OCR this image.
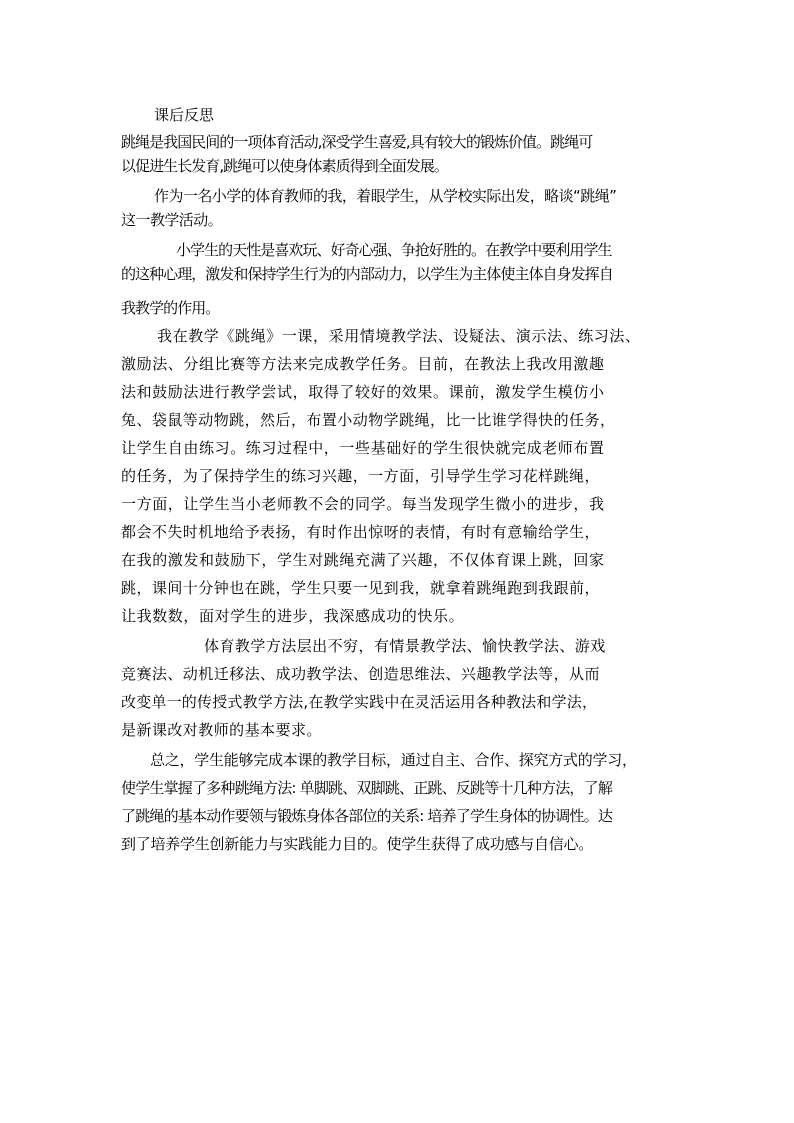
课后反思
跳绳是我国民间的一项体育活动,深受学生喜爱,具有较大的锻炼价值。跳绳可
以促进生长发育,跳绳可以使身体素质得到全面发展。
作为一名小学的体育教师的我，着眼学生，从学校实际出发，略谈“跳绳”
这一教学活动。
小学生的天性是喜欢玩、好奇心强、争抢好胜的。在教学中要利用学生
的这种心理，激发和保持学生行为的内部动力，以学生为主体使主体自身发挥自
我教学的作用。
我在教学《跳绳》一课，采用情境教学法、设疑法、演示法、练习法、
激励法、分组比赛等方法来完成教学任务。目前，在教法上我改用激趣
法和鼓励法进行教学尝试，取得了较好的效果。课前，激发学生模仿小
兔、袋鼠等动物跳，然后，布置小动物学跳绳，比一比谁学得快的任务，
让学生自由练习。练习过程中，一些基础好的学生很快就完成老师布置
的任务，为了保持学生的练习兴趣，一方面，引导学生学习花样跳绳，
一方面，让学生当小老师教不会的同学。每当发现学生微小的进步，我
都会不失时机地给予表扬，有时作出惊呀的表情，有时有意输给学生，
在我的激发和鼓励下，学生对跳绳充满了兴趣，不仅体育课上跳，回家
跳，课间十分钟也在跳，学生只要一见到我，就拿着跳绳跑到我跟前，
让我数数，面对学生的进步，我深感成功的快乐。
体育教学方法层出不穷，有情景教学法、愉快教学法、游戏
竞赛法、动机迁移法、成功教学法、创造思维法、兴趣教学法等，从而
改变单一的传授式教学方法,在教学实践中在灵活运用各种教法和学法，
是新课改对教师的基本要求。
总之，学生能够完成本课的教学目标，通过自主、合作、探究方式的学习，
使学生掌握了多种跳绳方法: 单脚跳、双脚跳、正跳、反跳等十几种方法，了解
了跳绳的基本动作要领与锻炼身体各部位的关系: 培养了学生身体的协调性。达
到了培养学生创新能力与实践能力目的。使学生获得了成功感与自信心。
